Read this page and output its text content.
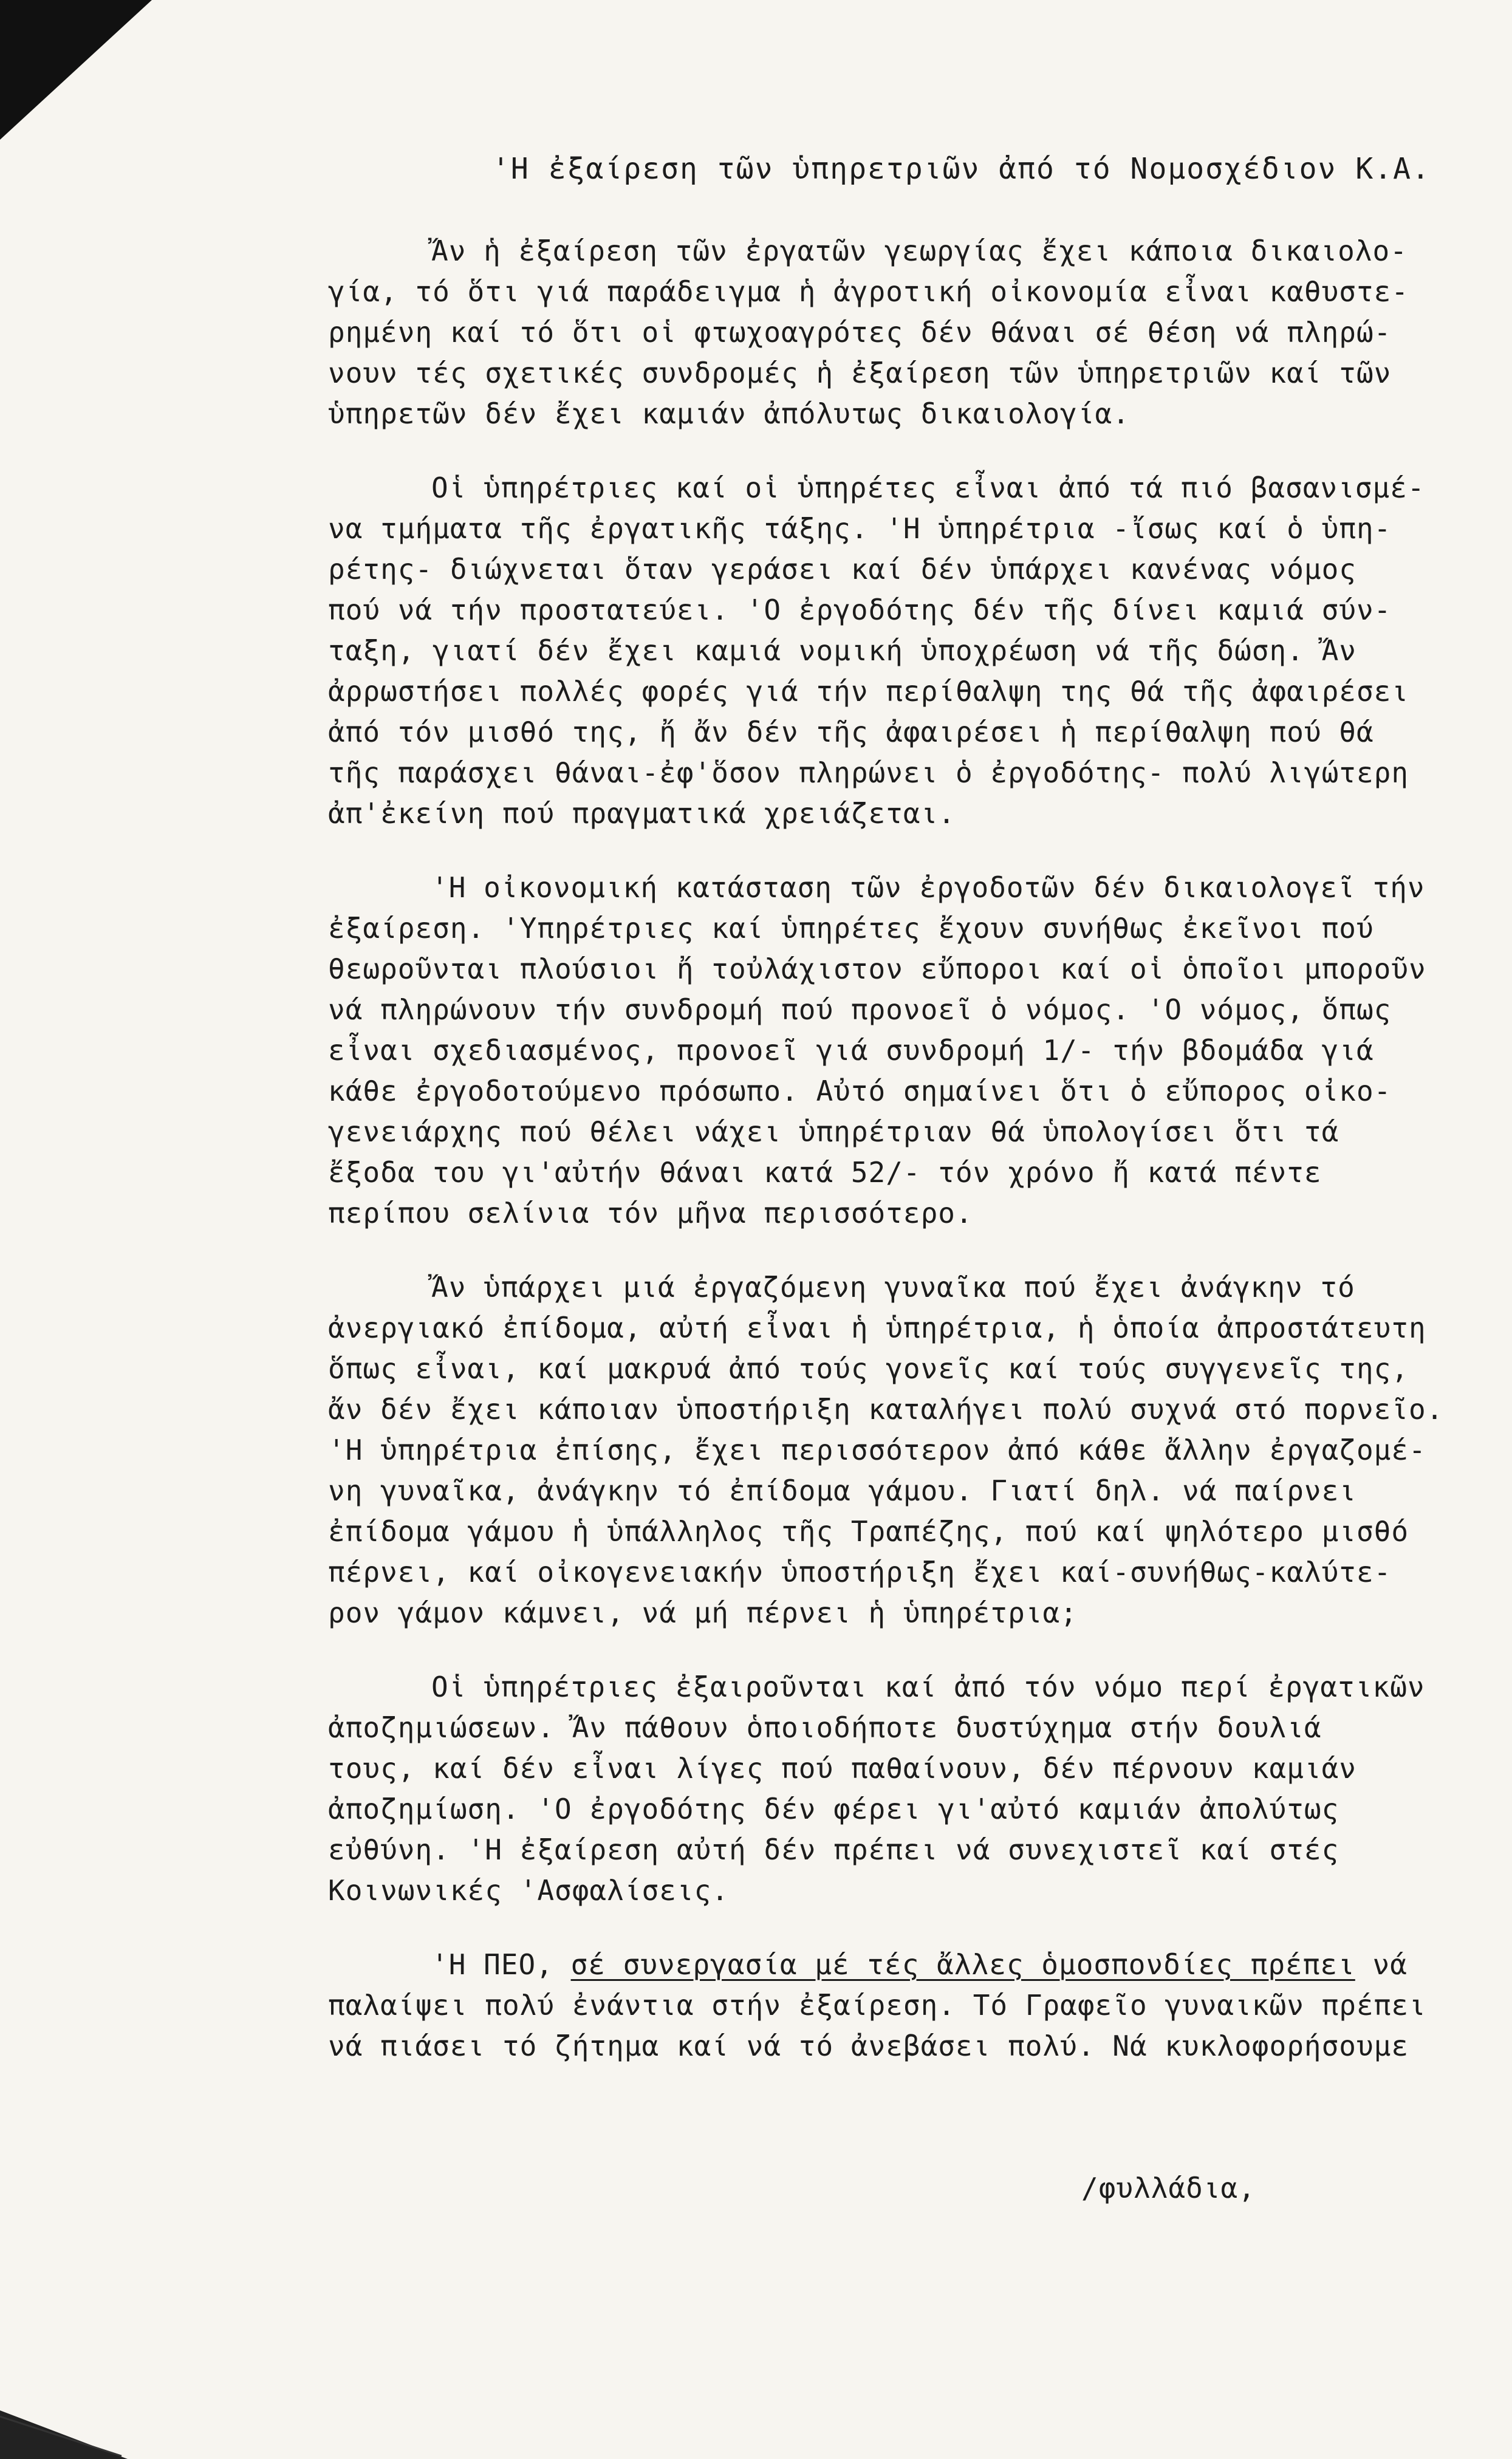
'Η ἐξαίρεση τῶν ὑπηρετριῶν ἀπό τό Νομοσχέδιον Κ.Α.
Ἄν ἡ ἐξαίρεση τῶν ἐργατῶν γεωργίας ἔχει κάποια δικαιολο-
γία, τό ὅτι γιά παράδειγμα ἡ ἀγροτική οἰκονομία εἶναι καθυστε-
ρημένη καί τό ὅτι οἱ φτωχοαγρότες δέν θάναι σέ θέση νά πληρώ-
νουν τές σχετικές συνδρομές ἡ ἐξαίρεση τῶν ὑπηρετριῶν καί τῶν
ὑπηρετῶν δέν ἔχει καμιάν ἀπόλυτως δικαιολογία.
Οἱ ὑπηρέτριες καί οἱ ὑπηρέτες εἶναι ἀπό τά πιό βασανισμέ-
να τμήματα τῆς ἐργατικῆς τάξης. 'Η ὑπηρέτρια -ἴσως καί ὁ ὑπη-
ρέτης- διώχνεται ὅταν γεράσει καί δέν ὑπάρχει κανένας νόμος
πού νά τήν προστατεύει. 'Ο ἐργοδότης δέν τῆς δίνει καμιά σύν-
ταξη, γιατί δέν ἔχει καμιά νομική ὑποχρέωση νά τῆς δώση. Ἄν
ἀρρωστήσει πολλές φορές γιά τήν περίθαλψη της θά τῆς ἀφαιρέσει
ἀπό τόν μισθό της, ἤ ἄν δέν τῆς ἀφαιρέσει ἡ περίθαλψη πού θά
τῆς παράσχει θάναι-ἐφ'ὅσον πληρώνει ὁ ἐργοδότης- πολύ λιγώτερη
ἀπ'ἐκείνη πού πραγματικά χρειάζεται.
'Η οἰκονομική κατάσταση τῶν ἐργοδοτῶν δέν δικαιολογεῖ τήν
ἐξαίρεση. 'Υπηρέτριες καί ὑπηρέτες ἔχουν συνήθως ἐκεῖνοι πού
θεωροῦνται πλούσιοι ἤ τοὐλάχιστον εὔποροι καί οἱ ὁποῖοι μποροῦν
νά πληρώνουν τήν συνδρομή πού προνοεῖ ὁ νόμος. 'Ο νόμος, ὅπως
εἶναι σχεδιασμένος, προνοεῖ γιά συνδρομή 1/- τήν βδομάδα γιά
κάθε ἐργοδοτούμενο πρόσωπο. Αὐτό σημαίνει ὅτι ὁ εὔπορος οἰκο-
γενειάρχης πού θέλει νάχει ὑπηρέτριαν θά ὑπολογίσει ὅτι τά
ἔξοδα του γι'αὐτήν θάναι κατά 52/- τόν χρόνο ἤ κατά πέντε
περίπου σελίνια τόν μῆνα περισσότερο.
Ἄν ὑπάρχει μιά ἐργαζόμενη γυναῖκα πού ἔχει ἀνάγκην τό
ἀνεργιακό ἐπίδομα, αὐτή εἶναι ἡ ὑπηρέτρια, ἡ ὁποία ἀπροστάτευτη
ὅπως εἶναι, καί μακρυά ἀπό τούς γονεῖς καί τούς συγγενεῖς της,
ἄν δέν ἔχει κάποιαν ὑποστήριξη καταλήγει πολύ συχνά στό πορνεῖο.
'Η ὑπηρέτρια ἐπίσης, ἔχει περισσότερον ἀπό κάθε ἄλλην ἐργαζομέ-
νη γυναῖκα, ἀνάγκην τό ἐπίδομα γάμου. Γιατί δηλ. νά παίρνει
ἐπίδομα γάμου ἡ ὑπάλληλος τῆς Τραπέζης, πού καί ψηλότερο μισθό
πέρνει, καί οἰκογενειακήν ὑποστήριξη ἔχει καί-συνήθως-καλύτε-
ρον γάμον κάμνει, νά μή πέρνει ἡ ὑπηρέτρια;
Οἱ ὑπηρέτριες ἐξαιροῦνται καί ἀπό τόν νόμο περί ἐργατικῶν
ἀποζημιώσεων. Ἄν πάθουν ὁποιοδήποτε δυστύχημα στήν δουλιά
τους, καί δέν εἶναι λίγες πού παθαίνουν, δέν πέρνουν καμιάν
ἀποζημίωση. 'Ο ἐργοδότης δέν φέρει γι'αὐτό καμιάν ἀπολύτως
εὐθύνη. 'Η ἐξαίρεση αὐτή δέν πρέπει νά συνεχιστεῖ καί στές
Κοινωνικές 'Ασφαλίσεις.
'Η ΠΕΟ, σέ συνεργασία μέ τές ἄλλες ὁμοσπονδίες πρέπει νά
παλαίψει πολύ ἐνάντια στήν ἐξαίρεση. Τό Γραφεῖο γυναικῶν πρέπει
νά πιάσει τό ζήτημα καί νά τό ἀνεβάσει πολύ. Νά κυκλοφορήσουμε
/φυλλάδια,
